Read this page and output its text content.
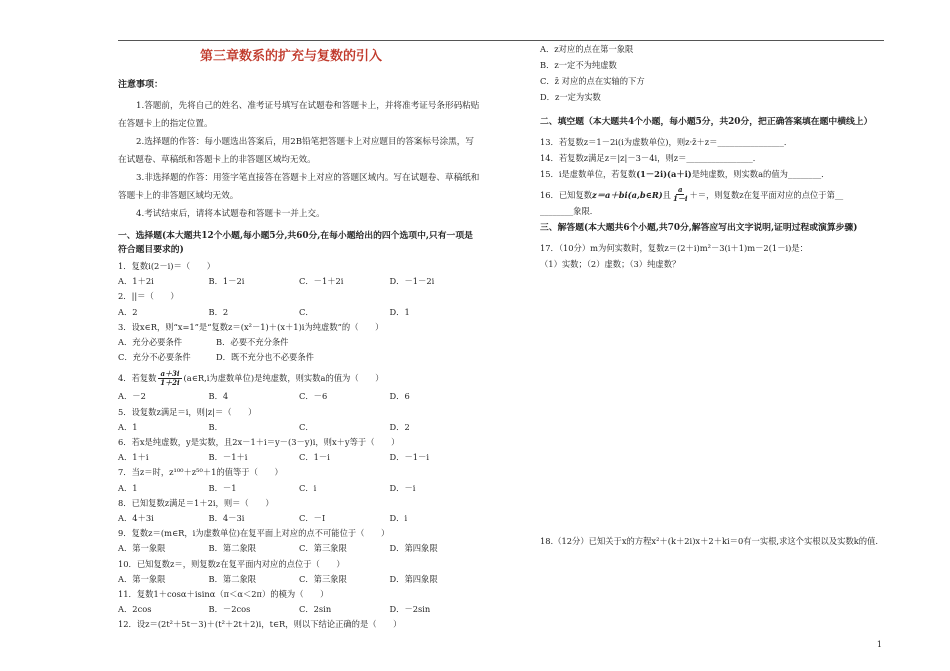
第三章数系的扩充与复数的引入
注意事项：

1.答题前，先将自己的姓名、准考证号填写在试题卷和答题卡上，并将准考证号条形码粘贴在答题卡上的指定位置。

2.选择题的作答：每小题选出答案后，用2B铅笔把答题卡上对应题目的答案标号涂黑，写在试题卷、草稿纸和答题卡上的非答题区域均无效。

3.非选择题的作答：用签字笔直接答在答题卡上对应的答题区域内。写在试题卷、草稿纸和答题卡上的非答题区域均无效。

4.考试结束后，请将本试题卷和答题卡一并上交。

一、选择题(本大题共12个小题,每小题5分,共60分,在每小题给出的四个选项中,只有一项是符合题目要求的)

1．复数i(2－i)＝（　　）

A．1＋2i	B．1－2i	C．－1＋2i	D．－1－2i

2．||＝（　　）

A．2	B．2	C．	D．1

3．设x∈R，则“x=1”是“复数z＝(x²－1)＋(x＋1)i为纯虚数”的（　　）

A．充分必要条件	B．必要不充分条件
C．充分不必要条件	D．既不充分也不必要条件
4．若复数 $\frac{a+3i}{1+2i}$ (a∈R,i为虚数单位) 是纯虚数，则实数a的值为（　　）
A．－2	B．4	C．－6	D．6

5．设复数z满足＝i，则|z|＝（　　）

A．1	B．	C．	D．2

6．若x是纯虚数，y是实数，且2x－1＋i＝y－(3－y)i，则x＋y等于（　　）

A．1＋i	B．－1＋i	C．1－i	D．－1－i

7．当z＝时，z¹⁰⁰＋z⁵⁰＋1的值等于（　　）

A．1	B．－1	C．i	D．－i

8．已知复数z满足＝1＋2i，则＝（　　）

A．4＋3i	B．4－3i	C．－I	D．i

9．复数z＝(m∈R，i为虚数单位)在复平面上对应的点不可能位于（　　）

A．第一象限	B．第二象限	C．第三象限	D．第四象限

10．已知复数z＝，则复数z在复平面内对应的点位于（　　）

A．第一象限	B．第二象限	C．第三象限	D．第四象限

11．复数1＋cosα＋isinα（π＜α＜2π）的模为（　　）

A．2cos	B．－2cos	C．2sin	D．－2sin

12．设z＝(2t²＋5t－3)＋(t²＋2t＋2)i，t∈R，则以下结论正确的是（　　）

A．z对应的点在第一象限

B．z一定不为纯虚数

C．z̄ 对应的点在实轴的下方

D．z一定为实数

二、填空题（本大题共4个小题，每小题5分，共20分，把正确答案填在题中横线上）

13．若复数z＝1－2i(i为虚数单位)，则z·z̄＋z＝________________．

14．若复数z满足z＝|z|－3－4i，则z＝________________．

15．i是虚数单位，若复数(1－2i)(a＋i)是纯虚数，则实数a的值为________．

16．已知复数 z＝a＋bi(a,b∈R) 且 $\frac{a}{1-i}$ ＋＝，则复数z在复平面对应的点位于第__

________象限．

三、解答题(本大题共6个小题,共70分,解答应写出文字说明,证明过程或演算步骤)

17．（10分）m为何实数时，复数z＝(2＋i)m²－3(i＋1)m－2(1－i)是：

（1）实数；（2）虚数；（3）纯虚数？

18.（12分）已知关于x的方程x²＋(k＋2i)x＋2＋ki＝0有一实根,求这个实根以及实数k的值.
1
